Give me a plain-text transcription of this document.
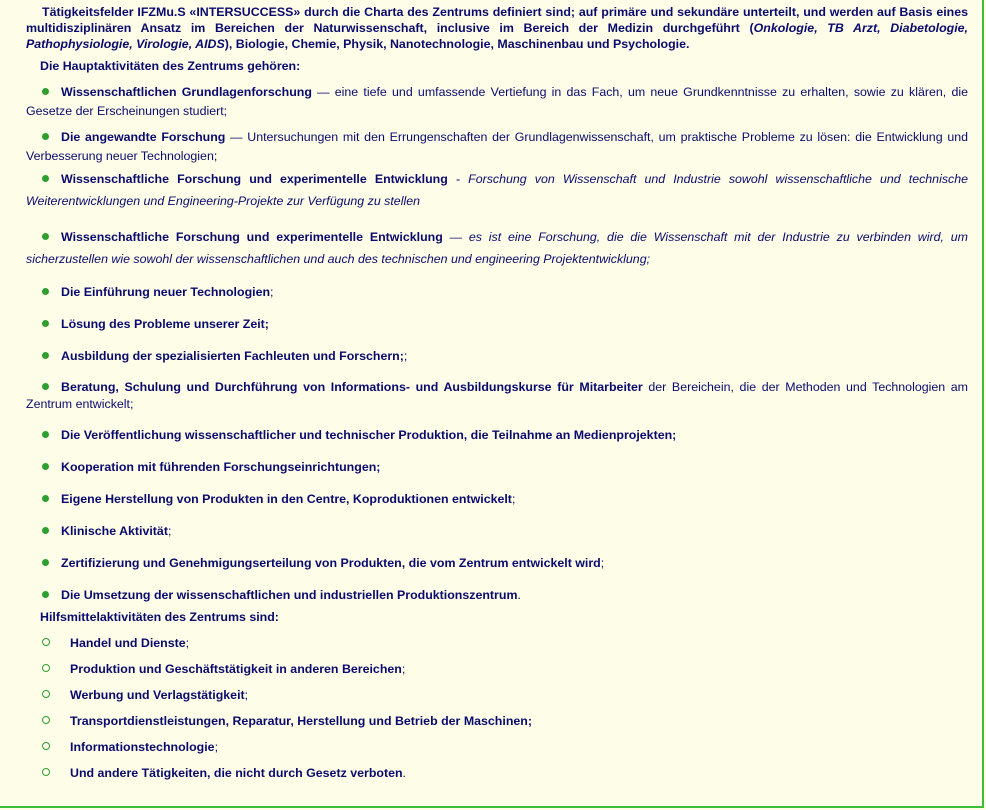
Tätigkeitsfelder IFZMu.S «INTERSUCCESS» durch die Charta des Zentrums definiert sind; auf primäre und sekundäre unterteilt, und werden auf Basis eines multidisziplinären Ansatz im Bereichen der Naturwissenschaft, inclusive im Bereich der Medizin durchgeführt (Onkologie, TB Arzt, Diabetologie, Pathophysiologie, Virologie, AIDS), Biologie, Chemie, Physik, Nanotechnologie, Maschinenbau und Psychologie.

Die Hauptaktivitäten des Zentrums gehören:

Wissenschaftlichen Grundlagenforschung — eine tiefe und umfassende Vertiefung in das Fach, um neue Grundkenntnisse zu erhalten, sowie zu klären, die Gesetze der Erscheinungen studiert;

Die angewandte Forschung — Untersuchungen mit den Errungenschaften der Grundlagenwissenschaft, um praktische Probleme zu lösen: die Entwicklung und Verbesserung neuer Technologien;

Wissenschaftliche Forschung und experimentelle Entwicklung - Forschung von Wissenschaft und Industrie sowohl wissenschaftliche und technische Weiterentwicklungen und Engineering-Projekte zur Verfügung zu stellen

Wissenschaftliche Forschung und experimentelle Entwicklung — es ist eine Forschung, die die Wissenschaft mit der Industrie zu verbinden wird, um sicherzustellen wie sowohl der wissenschaftlichen und auch des technischen und engineering Projektentwicklung;

Die Einführung neuer Technologien;

Lösung des Probleme unserer Zeit;

Ausbildung der spezialisierten Fachleuten und Forschern;;

Beratung, Schulung und Durchführung von Informations- und Ausbildungskurse für Mitarbeiter der Bereichein, die der Methoden und Technologien am Zentrum entwickelt;

Die Veröffentlichung wissenschaftlicher und technischer Produktion, die Teilnahme an Medienprojekten;

Kooperation mit führenden Forschungseinrichtungen;

Eigene Herstellung von Produkten in den Centre, Koproduktionen entwickelt;

Klinische Aktivität;

Zertifizierung und Genehmigungserteilung von Produkten, die vom Zentrum entwickelt wird;

Die Umsetzung der wissenschaftlichen und industriellen Produktionszentrum.

Hilfsmittelaktivitäten des Zentrums sind:

Handel und Dienste;

Produktion und Geschäftstätigkeit in anderen Bereichen;

Werbung und Verlagstätigkeit;

Transportdienstleistungen, Reparatur, Herstellung und Betrieb der Maschinen;

Informationstechnologie;

Und andere Tätigkeiten, die nicht durch Gesetz verboten.
